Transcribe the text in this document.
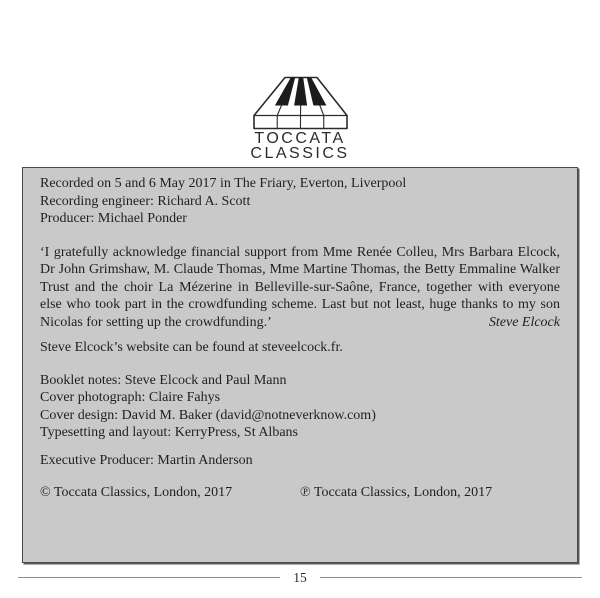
TOCCATA
CLASSICS
Recorded on 5 and 6 May 2017 in The Friary, Everton, Liverpool
Recording engineer: Richard A. Scott
Producer: Michael Ponder
‘I gratefully acknowledge financial support from Mme Renée Colleu, Mrs Barbara Elcock,
Dr John Grimshaw, M. Claude Thomas, Mme Martine Thomas, the Betty Emmaline Walker
Trust and the choir La Mézerine in Belleville-sur-Saône, France, together with everyone
else who took part in the crowdfunding scheme. Last but not least, huge thanks to my son
Nicolas for setting up the crowdfunding.’	Steve Elcock
Steve Elcock’s website can be found at steveelcock.fr.
Booklet notes: Steve Elcock and Paul Mann
Cover photograph: Claire Fahys
Cover design: David M. Baker (david@notneverknow.com)
Typesetting and layout: KerryPress, St Albans
Executive Producer: Martin Anderson
© Toccata Classics, London, 2017	℗ Toccata Classics, London, 2017
15
